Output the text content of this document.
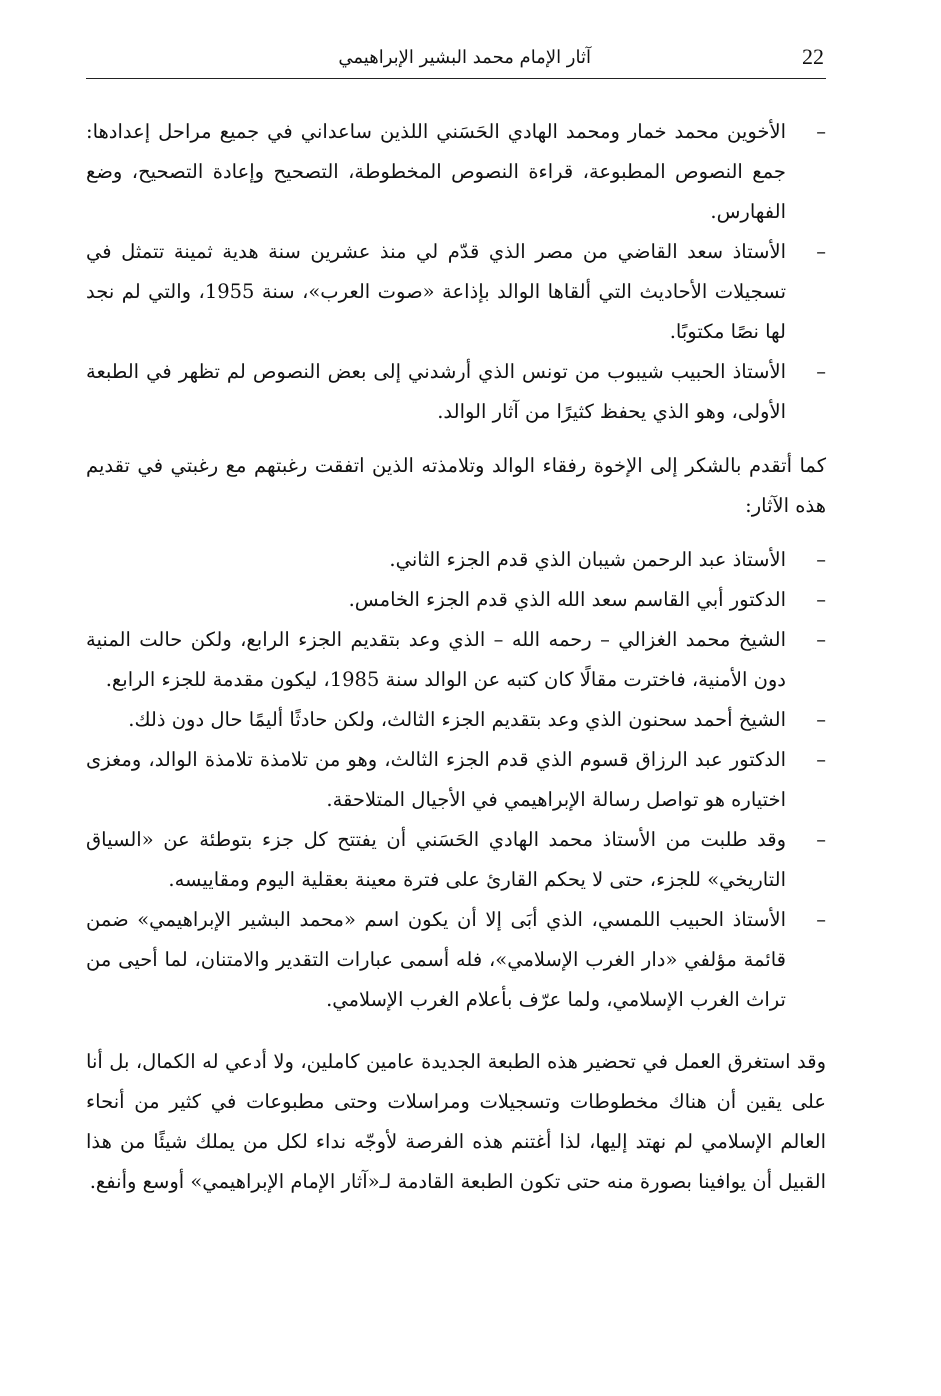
22
آثار الإمام محمد البشير الإبراهيمي
–
الأخوين محمد خمار ومحمد الهادي الحَسَني اللذين ساعداني في جميع مراحل إعدادها: جمع النصوص المطبوعة، قراءة النصوص المخطوطة، التصحيح وإعادة التصحيح، وضع الفهارس.
–
الأستاذ سعد القاضي من مصر الذي قدّم لي منذ عشرين سنة هدية ثمينة تتمثل في تسجيلات الأحاديث التي ألقاها الوالد بإذاعة «صوت العرب»، سنة 1955، والتي لم نجد لها نصًا مكتوبًا.
–
الأستاذ الحبيب شيبوب من تونس الذي أرشدني إلى بعض النصوص لم تظهر في الطبعة الأولى، وهو الذي يحفظ كثيرًا من آثار الوالد.

كما أتقدم بالشكر إلى الإخوة رفقاء الوالد وتلامذته الذين اتفقت رغبتهم مع رغبتي في تقديم هذه الآثار:

–
الأستاذ عبد الرحمن شيبان الذي قدم الجزء الثاني.
–
الدكتور أبي القاسم سعد الله الذي قدم الجزء الخامس.
–
الشيخ محمد الغزالي – رحمه الله – الذي وعد بتقديم الجزء الرابع، ولكن حالت المنية دون الأمنية، فاخترت مقالًا كان كتبه عن الوالد سنة 1985، ليكون مقدمة للجزء الرابع.
–
الشيخ أحمد سحنون الذي وعد بتقديم الجزء الثالث، ولكن حادثًا أليمًا حال دون ذلك.
–
الدكتور عبد الرزاق قسوم الذي قدم الجزء الثالث، وهو من تلامذة تلامذة الوالد، ومغزى اختياره هو تواصل رسالة الإبراهيمي في الأجيال المتلاحقة.
–
وقد طلبت من الأستاذ محمد الهادي الحَسَني أن يفتتح كل جزء بتوطئة عن «السياق التاريخي» للجزء، حتى لا يحكم القارئ على فترة معينة بعقلية اليوم ومقاييسه.
–
الأستاذ الحبيب اللمسي، الذي أبَى إلا أن يكون اسم «محمد البشير الإبراهيمي» ضمن قائمة مؤلفي «دار الغرب الإسلامي»، فله أسمى عبارات التقدير والامتنان، لما أحيى من تراث الغرب الإسلامي، ولما عرّف بأعلام الغرب الإسلامي.

وقد استغرق العمل في تحضير هذه الطبعة الجديدة عامين كاملين، ولا أدعي له الكمال، بل أنا على يقين أن هناك مخطوطات وتسجيلات ومراسلات وحتى مطبوعات في كثير من أنحاء العالم الإسلامي لم نهتد إليها، لذا أغتنم هذه الفرصة لأوجّه نداء لكل من يملك شيئًا من هذا القبيل أن يوافينا بصورة منه حتى تكون الطبعة القادمة لـ«آثار الإمام الإبراهيمي» أوسع وأنفع.
